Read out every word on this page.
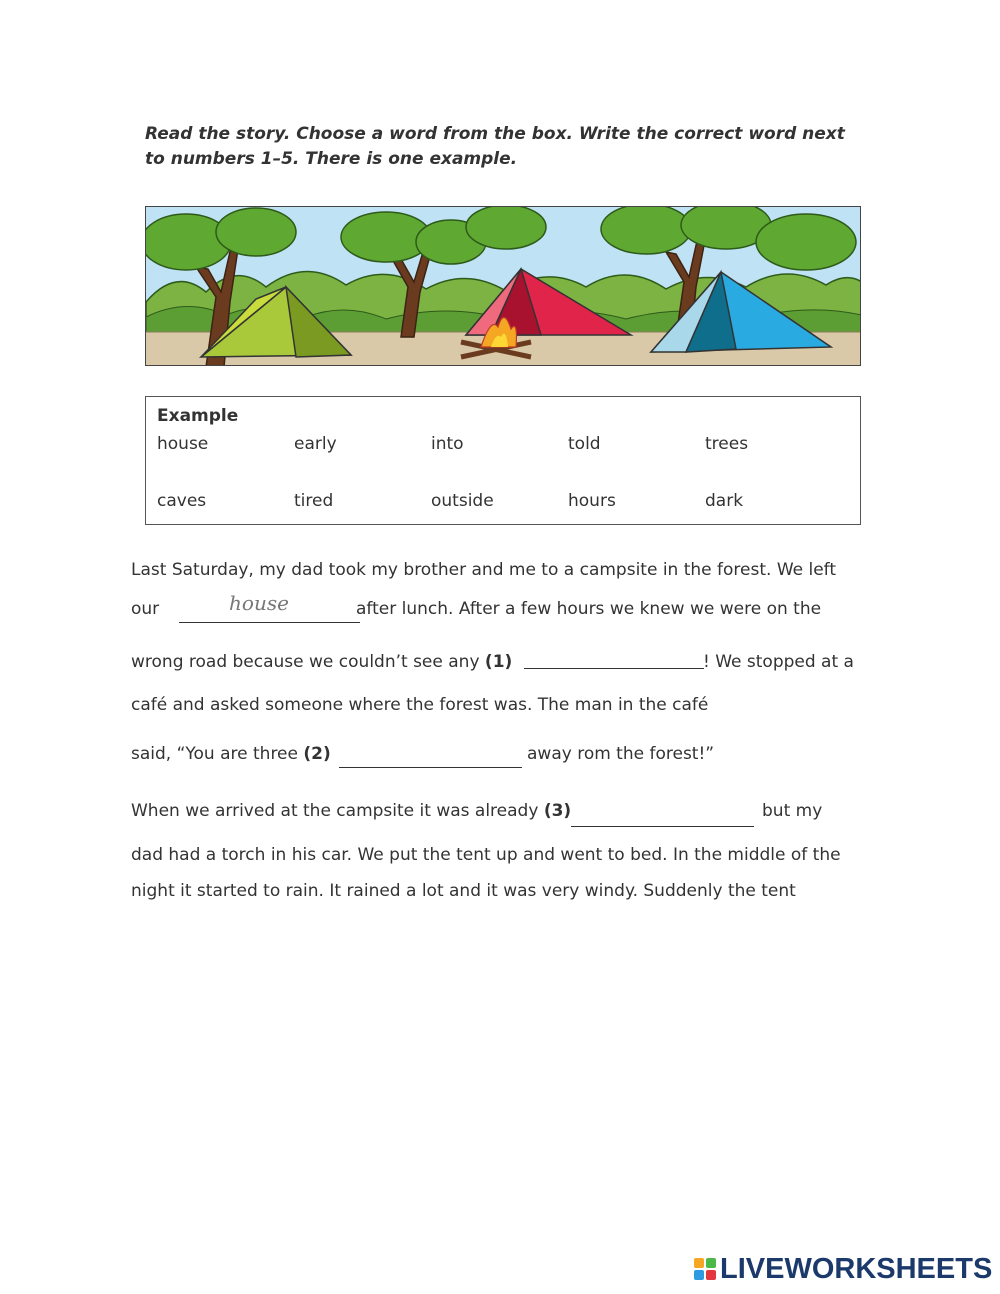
Read the story. Choose a word from the box. Write the correct word next to numbers 1–5. There is one example.
Example
house	early	into	told	trees
caves	tired	outside	hours	dark
Last Saturday, my dad took my brother and me to a campsite in the forest. We left
our	house	after lunch. After a few hours we knew we were on the
wrong road because we couldn’t see any (1)	! We stopped at a
café and asked someone where the forest was. The man in the café
said, “You are three (2)	away rom the forest!”
When we arrived at the campsite it was already (3)	but my
dad had a torch in his car. We put the tent up and went to bed. In the middle of the
night it started to rain. It rained a lot and it was very windy. Suddenly the tent
LIVEWORKSHEETS
